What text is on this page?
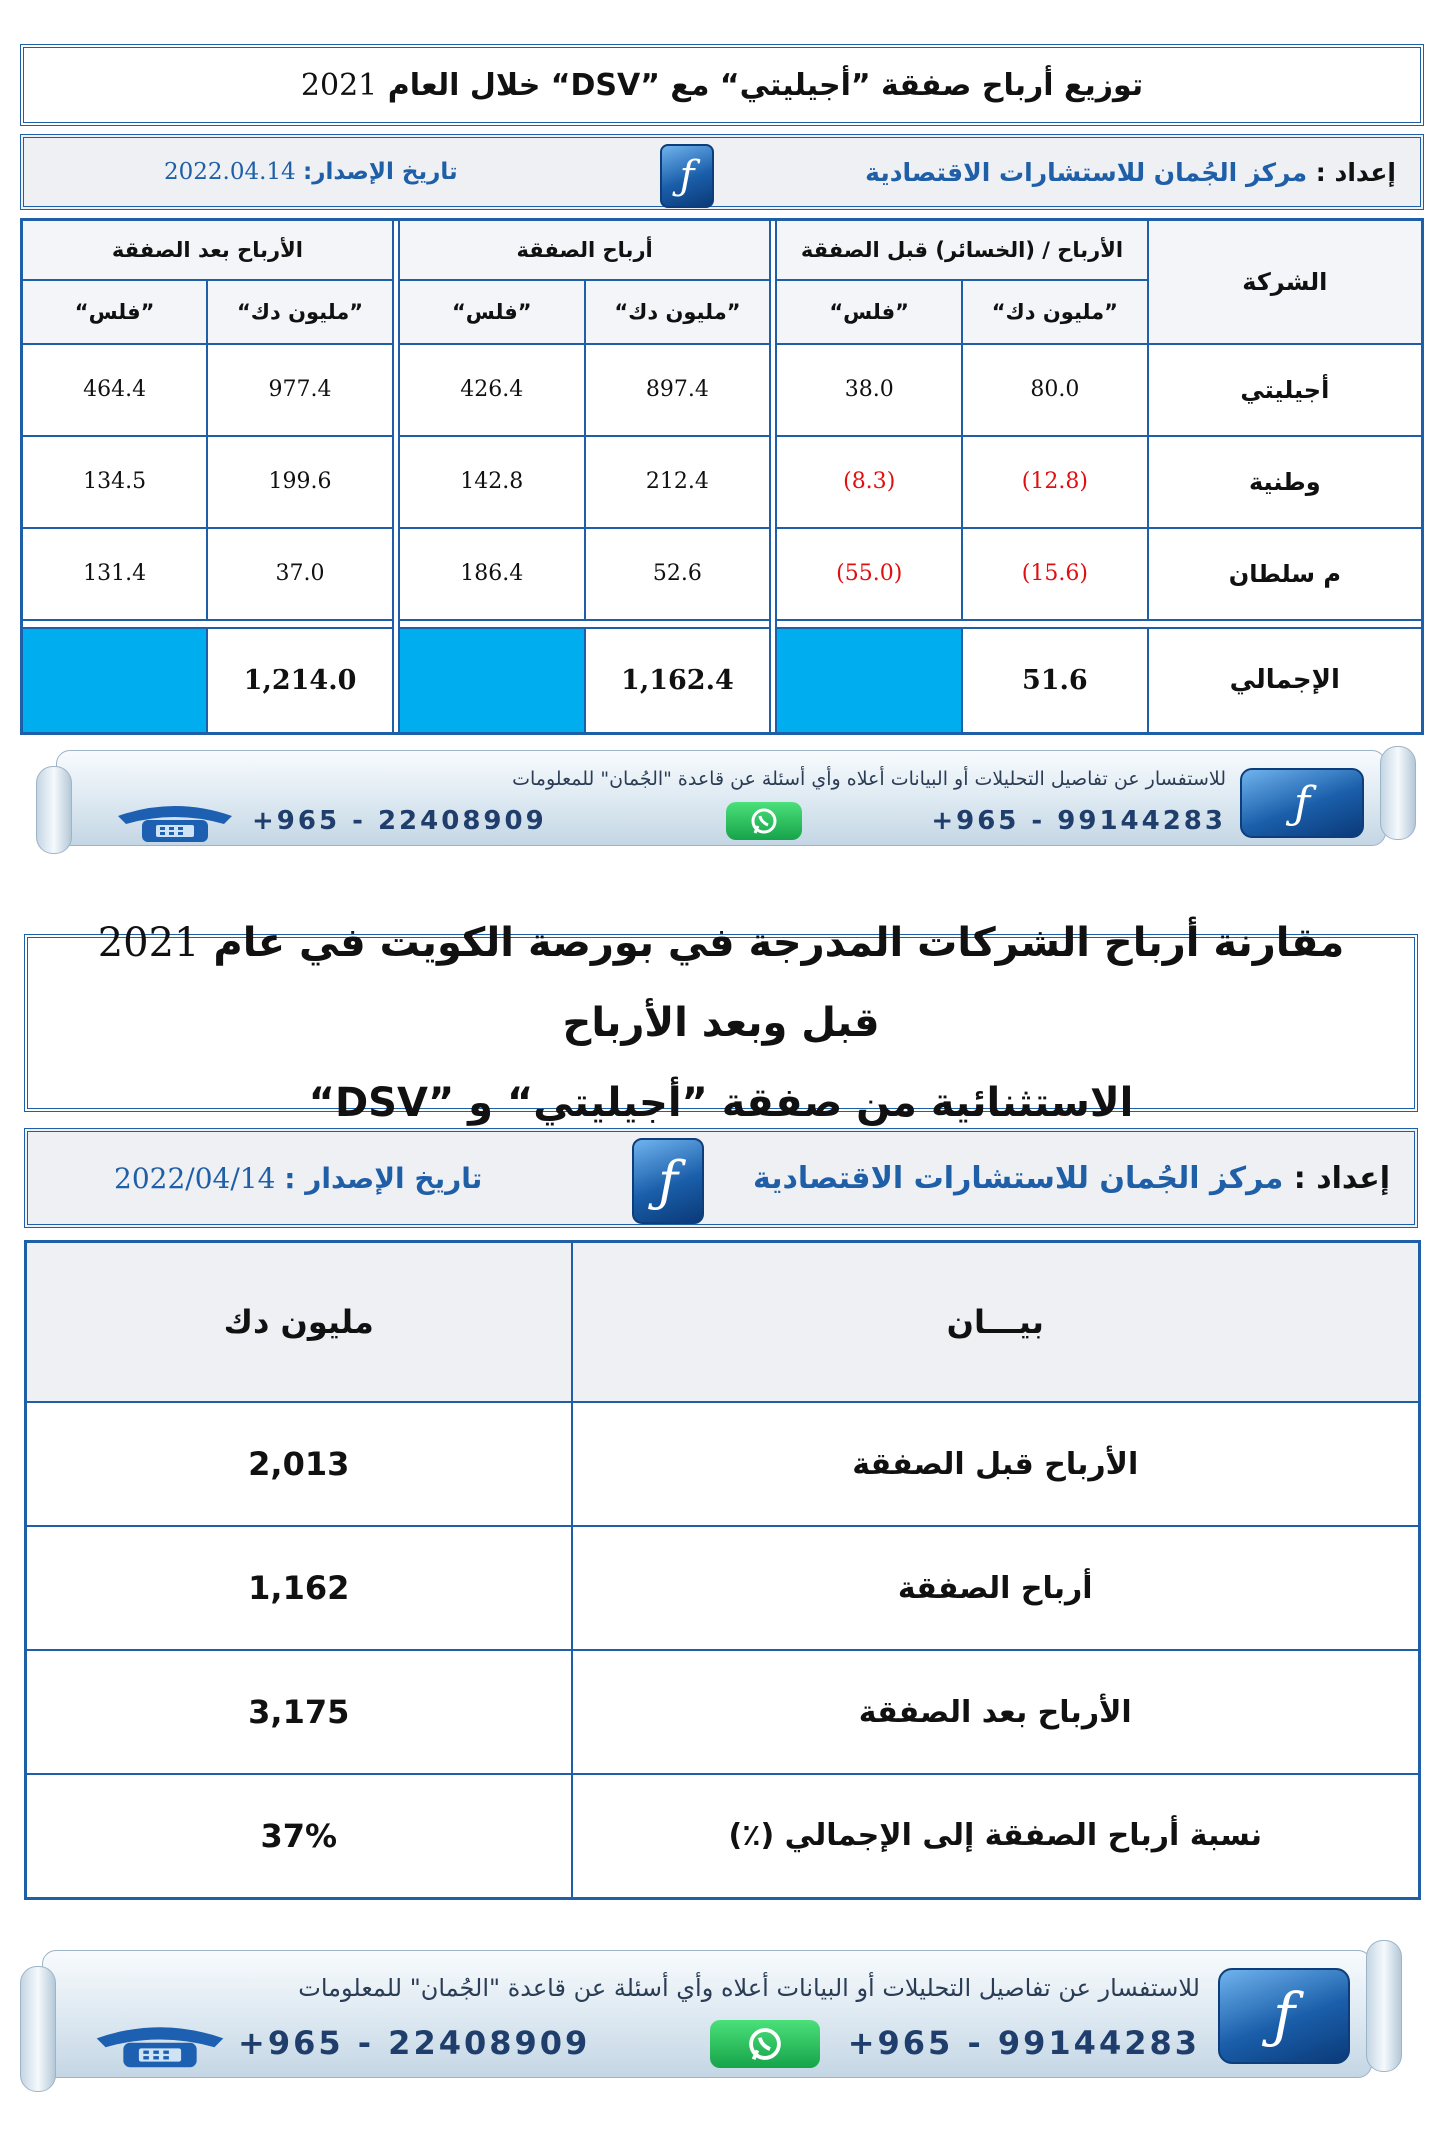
توزيع أرباح صفقة ”أجيليتي“ مع ”DSV“ خلال العام 2021
إعداد :

مركز الجُمان للاستشارات الاقتصادية
ƒ
تاريخ الإصدار:

2022.04.14
الشركة	الأرباح / (الخسائر) قبل الصفقة			أرباح الصفقة			الأرباح بعد الصفقة	
	”مليون دك“	”فلس“		”مليون دك“	”فلس“		”مليون دك“	”فلس“
أجيليتي	80.0	38.0		897.4	426.4		977.4	464.4
وطنية	(12.8)	(8.3)		212.4	142.8		199.6	134.5
م سلطان	(15.6)	(55.0)		52.6	186.4		37.0	131.4

الإجمالي	51.6			1,162.4			1,214.0	
للاستفسار عن تفاصيل التحليلات أو البيانات أعلاه وأي أسئلة عن قاعدة "الجُمان" للمعلومات	ƒ
+965 - 99144283
+965 - 22408909
مقارنة أرباح الشركات المدرجة في بورصة الكويت في عام 2021 قبل وبعد الأرباح
الاستثنائية من صفقة ”أجيليتي“ و ”DSV“
إعداد :

مركز الجُمان للاستشارات الاقتصادية
ƒ
تاريخ الإصدار :

2022/04/14
بيـــان	مليون دك
الأرباح قبل الصفقة	2,013
أرباح الصفقة	1,162
الأرباح بعد الصفقة	3,175
نسبة أرباح الصفقة إلى الإجمالي (٪)	37%
للاستفسار عن تفاصيل التحليلات أو البيانات أعلاه وأي أسئلة عن قاعدة "الجُمان" للمعلومات	ƒ
+965 - 99144283
+965 - 22408909
